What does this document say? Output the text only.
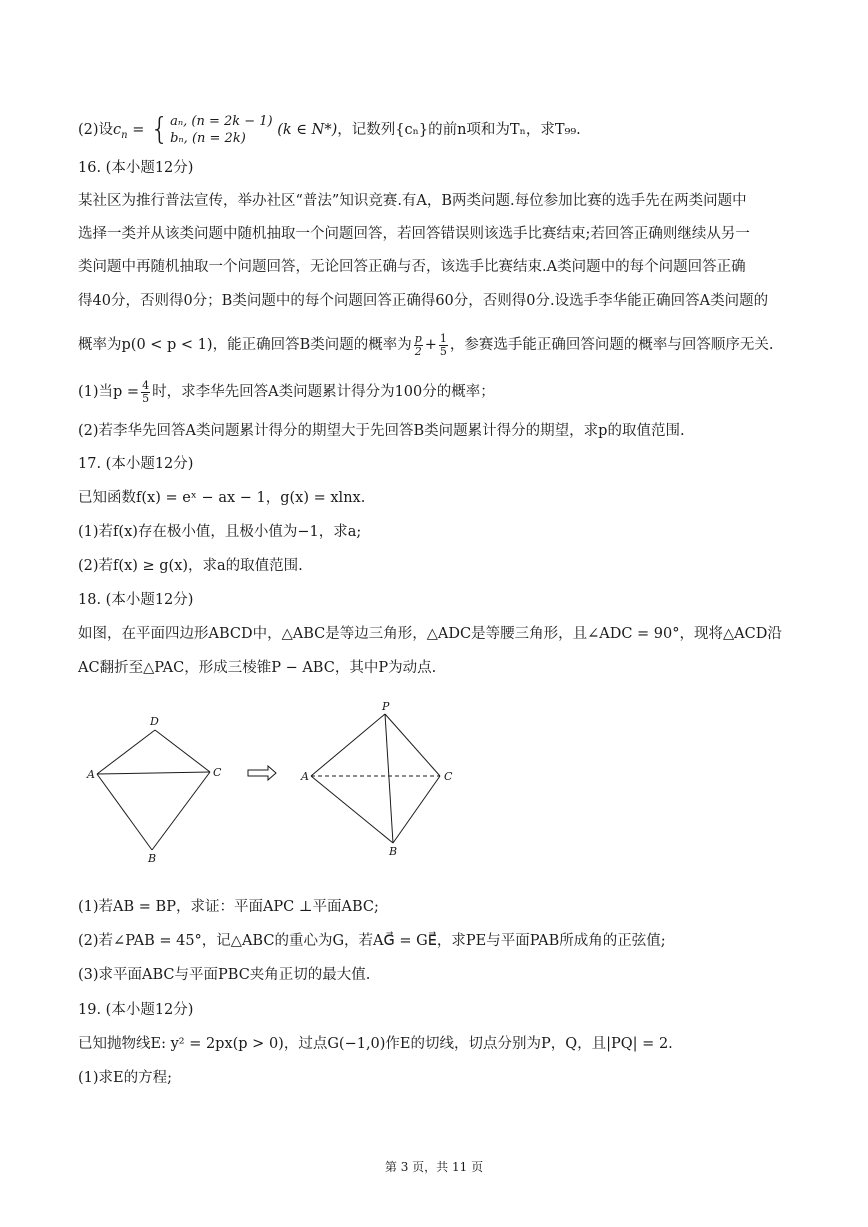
(2)设$c_n$ = { aₙ, (n = 2k − 1)
bₙ, (n = 2k)
(k ∈ N*)，记数列{cₙ}的前n项和为Tₙ，求T₉₉.
16. (本小题12分)
某社区为推行普法宣传，举办社区“普法”知识竞赛.有A，B两类问题.每位参加比赛的选手先在两类问题中
选择一类并从该类问题中随机抽取一个问题回答，若回答错误则该选手比赛结束;若回答正确则继续从另一
类问题中再随机抽取一个问题回答，无论回答正确与否，该选手比赛结束.A类问题中的每个问题回答正确
得40分，否则得0分；B类问题中的每个问题回答正确得60分，否则得0分.设选手李华能正确回答A类问题的
概率为p(0 < p < 1)，能正确回答B类问题的概率为 $\frac{p}{2} + \frac{1}{5}$ ，参赛选手能正确回答问题的概率与回答顺序无关.
(1)当$p = \frac{4}{5}$ 时，求李华先回答A类问题累计得分为100分的概率；
(2)若李华先回答A类问题累计得分的期望大于先回答B类问题累计得分的期望，求p的取值范围.
17. (本小题12分)
已知函数f(x) = eˣ − ax − 1，g(x) = xlnx.
(1)若f(x)存在极小值，且极小值为−1，求a;
(2)若f(x) ≥ g(x)，求a的取值范围.
18. (本小题12分)
如图，在平面四边形ABCD中，△ABC是等边三角形，△ADC是等腰三角形，且∠ADC = 90°，现将△ACD沿
AC翻折至△PAC，形成三棱锥P − ABC，其中P为动点.
D
A	C
B
P
A	C
B
(1)若AB = BP，求证：平面APC ⊥平面ABC;
(2)若∠PAB = 45°，记△ABC的重心为G，若AG⃗ = GE⃗，求PE与平面PAB所成角的正弦值;
(3)求平面ABC与平面PBC夹角正切的最大值.
19. (本小题12分)
已知抛物线E: y² = 2px(p > 0)，过点G(−1,0)作E的切线，切点分别为P，Q，且|PQ| = 2.
(1)求E的方程;
第 3 页，共 11 页
